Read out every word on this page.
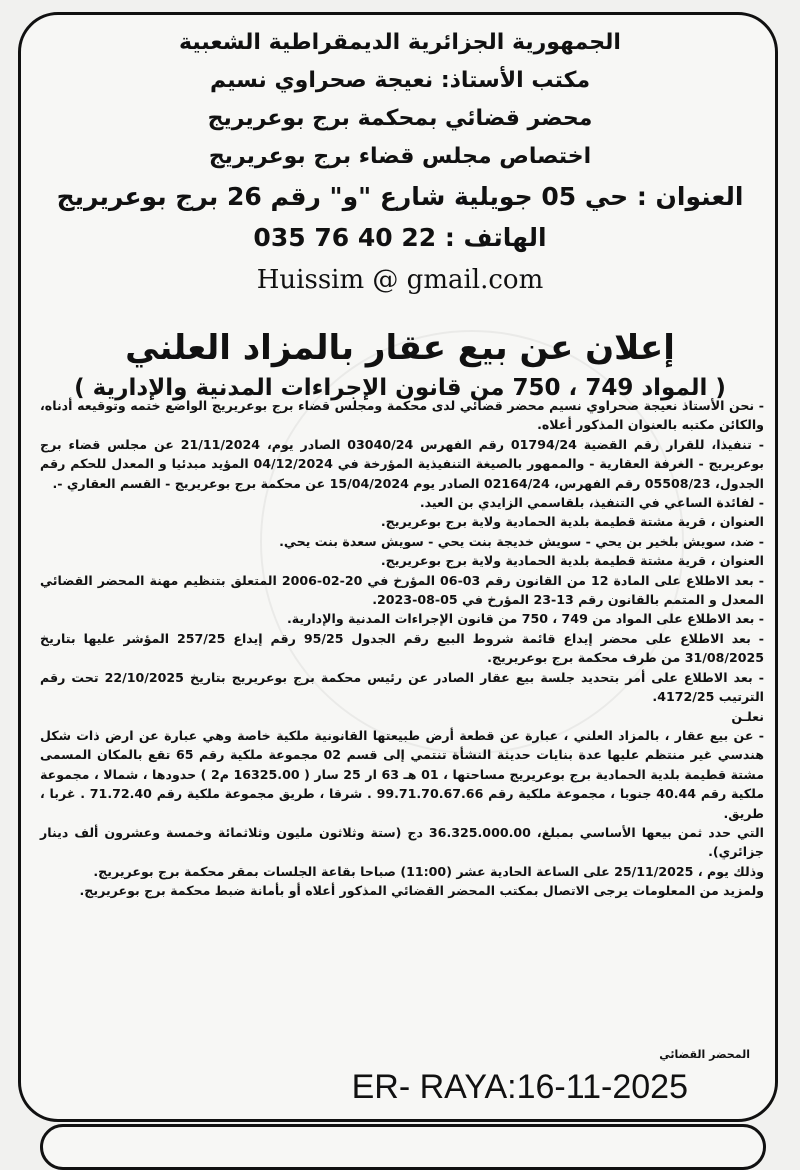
الجمهورية الجزائرية الديمقراطية الشعبية
مكتب الأستاذ: نعيجة صحراوي نسيم
محضر قضائي بمحكمة برج بوعريريج
اختصاص مجلس قضاء برج بوعريريج
العنوان : حي 05 جويلية شارع "و" رقم 26 برج بوعريريج
الهاتف : 22 40 76 035
Huissim @ gmail.com
إعلان عن بيع عقار بالمزاد العلني
( المواد 749 ، 750 من قانون الإجراءات المدنية والإدارية )

- نحن الأستاذ نعيجة صحراوي نسيم محضر قضائي لدى محكمة ومجلس قضاء برج بوعريريج الواضع ختمه وتوقيعه أدناه، والكائن مكتبه بالعنوان المذكور أعلاه.

- تنفيذا، للقرار رقم القضية 01794/24 رقم الفهرس 03040/24 الصادر يوم، 21/11/2024 عن مجلس قضاء برج بوعريريج - الغرفة العقارية - والممهور بالصيغة التنفيذية المؤرخة في 04/12/2024 المؤيد مبدئيا و المعدل للحكم رقم الجدول، 05508/23 رقم الفهرس، 02164/24 الصادر يوم 15/04/2024 عن محكمة برج بوعريريج - القسم العقاري -.

- لفائدة الساعي في التنفيذ، بلقاسمي الزايدي بن العيد.

العنوان ، قرية مشتة قطيمة بلدية الحمادية ولاية برج بوعريريج.

- ضد، سويش بلخير بن يحي - سويش خديجة بنت يحي - سويش سعدة بنت يحي.

العنوان ، قرية مشتة قطيمة بلدية الحمادية ولاية برج بوعريريج.

- بعد الاطلاع على المادة 12 من القانون رقم 03-06 المؤرخ في 20-02-2006 المتعلق بتنظيم مهنة المحضر القضائي المعدل و المتمم بالقانون رقم 13-23 المؤرخ في 05-08-2023.

- بعد الاطلاع على المواد من 749 ، 750 من قانون الإجراءات المدنية والإدارية.

- بعد الاطلاع على محضر إيداع قائمة شروط البيع رقم الجدول 95/25 رقم إيداع 257/25 المؤشر عليها بتاريخ 31/08/2025 من طرف محكمة برج بوعريريج.

- بعد الاطلاع على أمر بتحديد جلسة بيع عقار الصادر عن رئيس محكمة برج بوعريريج بتاريخ 22/10/2025 تحت رقم الترتيب 4172/25.

نعلـن

- عن بيع عقار ، بالمزاد العلني ، عبارة عن قطعة أرض طبيعتها القانونية ملكية خاصة وهي عبارة عن ارض ذات شكل هندسي غير منتظم عليها عدة بنايات حديثة النشأة تنتمي إلى قسم 02 مجموعة ملكية رقم 65 تقع بالمكان المسمى مشتة قطيمة بلدية الحمادية برج بوعريريج مساحتها ، 01 هـ 63 ار 25 سار ( 16325.00 م2 ) حدودها ، شمالا ، مجموعة ملكية رقم 40.44 جنوبا ، مجموعة ملكية رقم 99.71.70.67.66 . شرقا ، طريق مجموعة ملكية رقم 71.72.40 . غربا ، طريق.

التي حدد ثمن بيعها الأساسي بمبلغ، 36.325.000.00 دج (ستة وثلاثون مليون وثلاثمائة وخمسة وعشرون ألف دينار جزائري).

وذلك يوم ، 25/11/2025 على الساعة الحادية عشر (11:00) صباحا بقاعة الجلسات بمقر محكمة برج بوعريريج.

ولمزيد من المعلومات يرجى الاتصال بمكتب المحضر القضائي المذكور أعلاه أو بأمانة ضبط محكمة برج بوعريريج.

المحضر القضائي
ER- RAYA:16-11-2025
